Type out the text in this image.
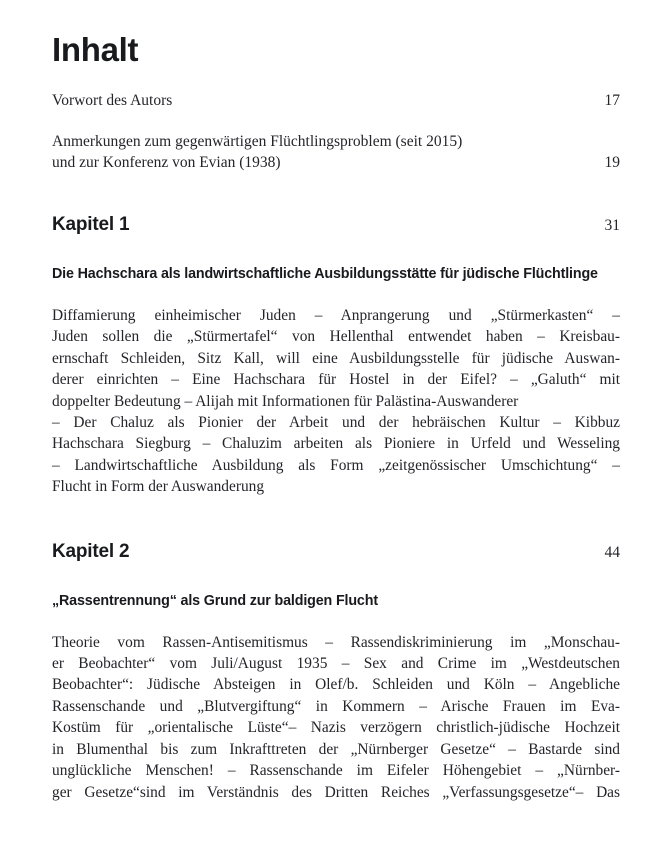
Inhalt
Vorwort des Autors	17
Anmerkungen zum gegenwärtigen Flüchtlingsproblem (seit 2015)
und zur Konferenz von Evian (1938)	19
Kapitel 1	31
Die Hachschara als landwirtschaftliche Ausbildungsstätte für jüdische Flüchtlinge
Diffamierung einheimischer Juden – Anprangerung und „Stürmerkasten“ –
Juden sollen die „Stürmertafel“ von Hellenthal entwendet haben – Kreisbau-
ernschaft Schleiden, Sitz Kall, will eine Ausbildungsstelle für jüdische Auswan-
derer einrichten – Eine Hachschara für Hostel in der Eifel? – „Galuth“ mit
doppelter Bedeutung – Alijah mit Informationen für Palästina-Auswanderer
– Der Chaluz als Pionier der Arbeit und der hebräischen Kultur – Kibbuz
Hachschara Siegburg – Chaluzim arbeiten als Pioniere in Urfeld und Wesseling
– Landwirtschaftliche Ausbildung als Form „zeitgenössischer Umschichtung“ –
Flucht in Form der Auswanderung
Kapitel 2	44
„Rassentrennung“ als Grund zur baldigen Flucht
Theorie vom Rassen-Antisemitismus – Rassendiskriminierung im „Monschau-
er Beobachter“ vom Juli/August 1935 – Sex and Crime im „Westdeutschen
Beobachter“: Jüdische Absteigen in Olef/b. Schleiden und Köln – Angebliche
Rassenschande und „Blutvergiftung“ in Kommern – Arische Frauen im Eva-
Kostüm für „orientalische Lüste“– Nazis verzögern christlich-jüdische Hochzeit
in Blumenthal bis zum Inkrafttreten der „Nürnberger Gesetze“ – Bastarde sind
unglückliche Menschen! – Rassenschande im Eifeler Höhengebiet – „Nürnber-
ger Gesetze“sind im Verständnis des Dritten Reiches „Verfassungsgesetze“– Das
